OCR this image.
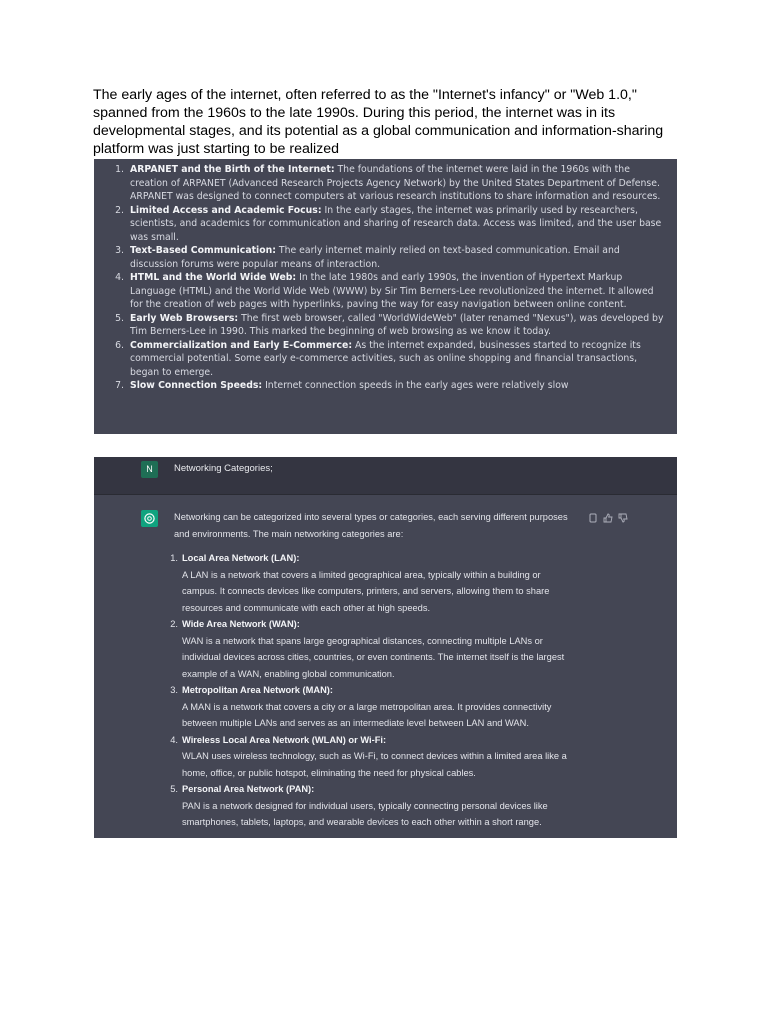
The early ages of the internet, often referred to as the "Internet's infancy" or "Web 1.0," spanned from the 1960s to the late 1990s. During this period, the internet was in its developmental stages, and its potential as a global communication and information-sharing platform was just starting to be realized

1. ARPANET and the Birth of the Internet: The foundations of the internet were laid in the 1960s with the creation of ARPANET (Advanced Research Projects Agency Network) by the United States Department of Defense. ARPANET was designed to connect computers at various research institutions to share information and resources.
2. Limited Access and Academic Focus: In the early stages, the internet was primarily used by researchers, scientists, and academics for communication and sharing of research data. Access was limited, and the user base was small.
3. Text-Based Communication: The early internet mainly relied on text-based communication. Email and discussion forums were popular means of interaction.
4. HTML and the World Wide Web: In the late 1980s and early 1990s, the invention of Hypertext Markup Language (HTML) and the World Wide Web (WWW) by Sir Tim Berners-Lee revolutionized the internet. It allowed for the creation of web pages with hyperlinks, paving the way for easy navigation between online content.
5. Early Web Browsers: The first web browser, called "WorldWideWeb" (later renamed "Nexus"), was developed by Tim Berners-Lee in 1990. This marked the beginning of web browsing as we know it today.
6. Commercialization and Early E-Commerce: As the internet expanded, businesses started to recognize its commercial potential. Some early e-commerce activities, such as online shopping and financial transactions, began to emerge.
7. Slow Connection Speeds: Internet connection speeds in the early ages were relatively slow
N	Networking Categories;

Networking can be categorized into several types or categories, each serving different purposes and environments. The main networking categories are:

1. Local Area Network (LAN):
A LAN is a network that covers a limited geographical area, typically within a building or campus. It connects devices like computers, printers, and servers, allowing them to share resources and communicate with each other at high speeds.
2. Wide Area Network (WAN):
WAN is a network that spans large geographical distances, connecting multiple LANs or individual devices across cities, countries, or even continents. The internet itself is the largest example of a WAN, enabling global communication.
3. Metropolitan Area Network (MAN):
A MAN is a network that covers a city or a large metropolitan area. It provides connectivity between multiple LANs and serves as an intermediate level between LAN and WAN.
4. Wireless Local Area Network (WLAN) or Wi-Fi:
WLAN uses wireless technology, such as Wi-Fi, to connect devices within a limited area like a home, office, or public hotspot, eliminating the need for physical cables.
5. Personal Area Network (PAN):
PAN is a network designed for individual users, typically connecting personal devices like smartphones, tablets, laptops, and wearable devices to each other within a short range.
